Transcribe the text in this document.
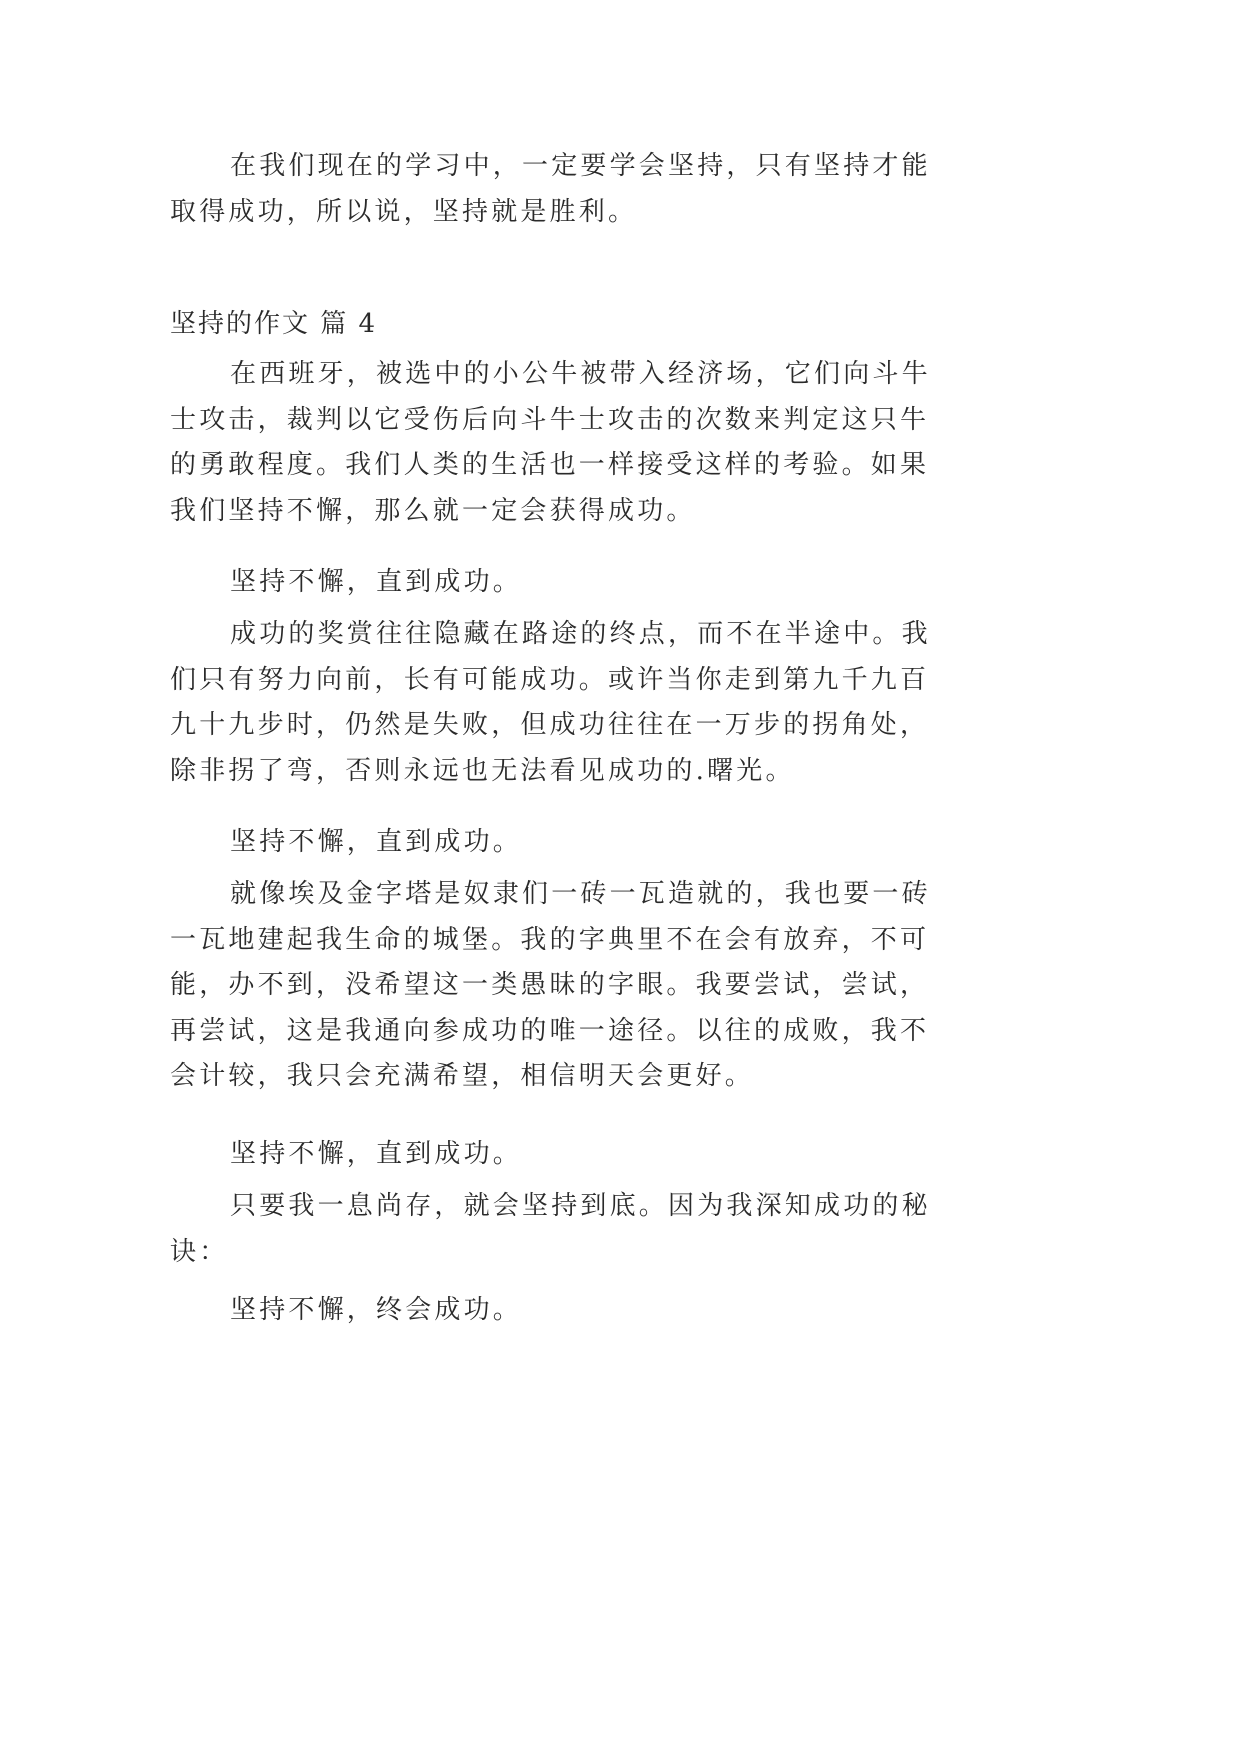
在我们现在的学习中，一定要学会坚持，只有坚持才能取得成功，所以说，坚持就是胜利。

坚持的作文 篇 4

在西班牙，被选中的小公牛被带入经济场，它们向斗牛士攻击，裁判以它受伤后向斗牛士攻击的次数来判定这只牛的勇敢程度。我们人类的生活也一样接受这样的考验。如果我们坚持不懈，那么就一定会获得成功。

坚持不懈，直到成功。

成功的奖赏往往隐藏在路途的终点，而不在半途中。我们只有努力向前，长有可能成功。或许当你走到第九千九百九十九步时，仍然是失败，但成功往往在一万步的拐角处，除非拐了弯，否则永远也无法看见成功的.曙光。

坚持不懈，直到成功。

就像埃及金字塔是奴隶们一砖一瓦造就的，我也要一砖一瓦地建起我生命的城堡。我的字典里不在会有放弃，不可能，办不到，没希望这一类愚昧的字眼。我要尝试，尝试，再尝试，这是我通向参成功的唯一途径。以往的成败，我不会计较，我只会充满希望，相信明天会更好。

坚持不懈，直到成功。

只要我一息尚存，就会坚持到底。因为我深知成功的秘诀：

坚持不懈，终会成功。
